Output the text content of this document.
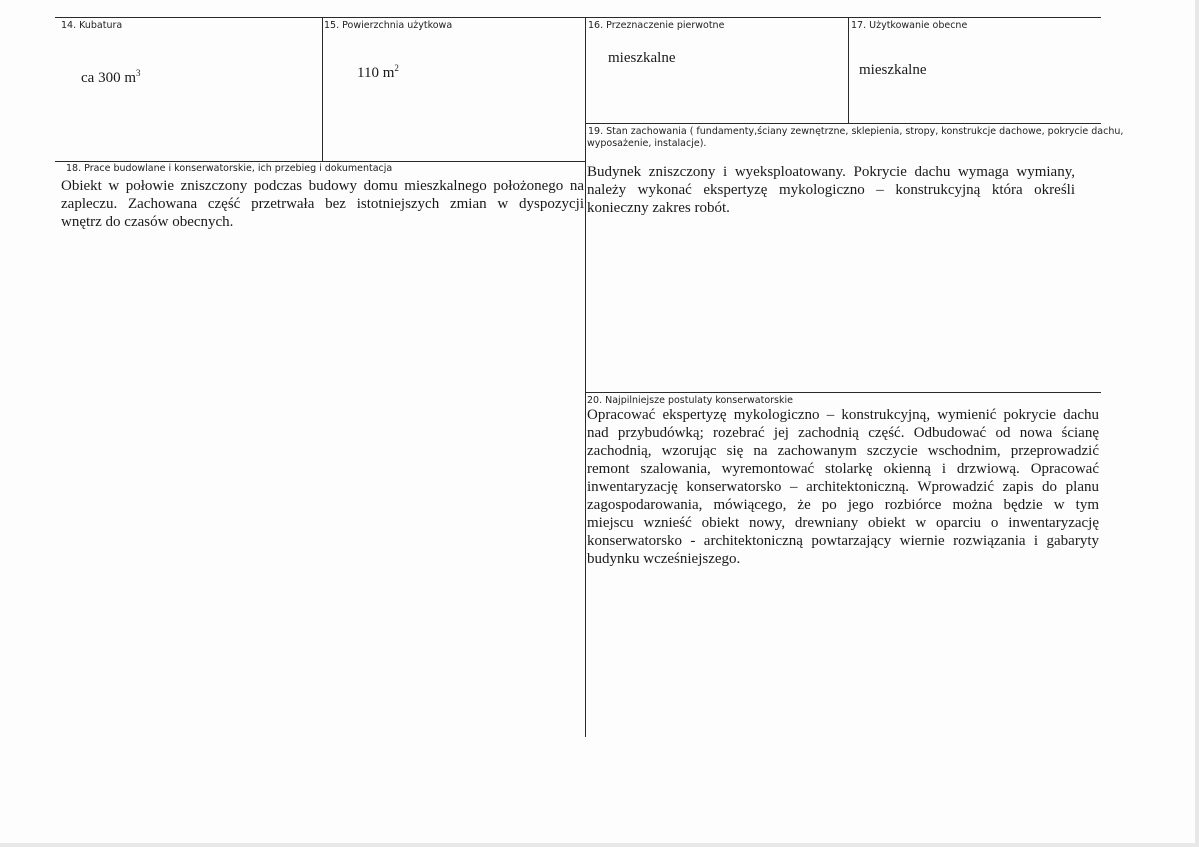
14. Kubatura
ca 300 $m^3$
15. Powierzchnia użytkowa
110 $m^2$
16. Przeznaczenie pierwotne
mieszkalne
17. Użytkowanie obecne
mieszkalne
19. Stan zachowania ( fundamenty,ściany zewnętrzne, sklepienia, stropy, konstrukcje dachowe, pokrycie dachu,
wyposażenie, instalacje).
Budynek zniszczony i wyeksploatowany. Pokrycie dachu wymaga wymiany,
należy wykonać ekspertyzę mykologiczno – konstrukcyjną która określi
konieczny zakres robót.
18. Prace budowlane i konserwatorskie, ich przebieg i dokumentacja
Obiekt w połowie zniszczony podczas budowy domu mieszkalnego położonego na
zapleczu. Zachowana część przetrwała bez istotniejszych zmian w dyspozycji
wnętrz do czasów obecnych.
20. Najpilniejsze postulaty konserwatorskie
Opracować ekspertyzę mykologiczno – konstrukcyjną, wymienić pokrycie dachu
nad przybudówką; rozebrać jej zachodnią część. Odbudować od nowa ścianę
zachodnią, wzorując się na zachowanym szczycie wschodnim, przeprowadzić
remont szalowania, wyremontować stolarkę okienną i drzwiową. Opracować
inwentaryzację konserwatorsko – architektoniczną. Wprowadzić zapis do planu
zagospodarowania, mówiącego, że po jego rozbiórce można będzie w tym
miejscu wznieść obiekt nowy, drewniany obiekt w oparciu o inwentaryzację
konserwatorsko - architektoniczną powtarzający wiernie rozwiązania i gabaryty
budynku wcześniejszego.
